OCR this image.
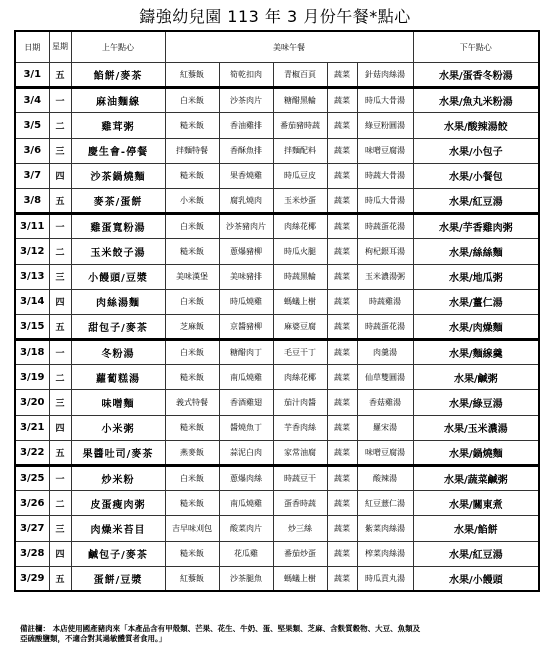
鑄強幼兒園 113 年 3 月份午餐*點心
日期	星期	上午點心	美味午餐					下午點心
3/1	五	餡餅/麥茶	紅藜飯	筍乾扣肉	青椒百頁	蔬菜	針菇肉絲湯	水果/蛋香冬粉湯
3/4	一	麻油麵線	白米飯	沙茶肉片	糖醋黑輪	蔬菜	時瓜大骨湯	水果/魚丸米粉湯
3/5	二	雞茸粥	糙米飯	香油雞排	番茄豬時蔬	蔬菜	綠豆粉圓湯	水果/酸辣湯餃
3/6	三	慶生會-停餐	拌麵特餐	香酥魚排	拌麵配料	蔬菜	味噌豆腐湯	水果/小包子
3/7	四	沙茶鍋燒麵	糙米飯	果香燒雞	時瓜豆皮	蔬菜	時蔬大骨湯	水果/小餐包
3/8	五	麥茶/蛋餅	小米飯	腐乳燒肉	玉米炒蛋	蔬菜	時瓜大骨湯	水果/紅豆湯
3/11	一	雞蛋寬粉湯	白米飯	沙茶豬肉片	肉絲花椰	蔬菜	時蔬蛋花湯	水果/芋香雞肉粥
3/12	二	玉米餃子湯	糙米飯	蔥爆豬柳	時瓜火腿	蔬菜	枸杞銀耳湯	水果/絲絲麵
3/13	三	小饅頭/豆漿	美味漢堡	美味豬排	時蔬黑輪	蔬菜	玉米濃湯粥	水果/地瓜粥
3/14	四	肉絲湯麵	白米飯	時瓜燒雞	螞蟻上樹	蔬菜	時蔬雞湯	水果/薑仁湯
3/15	五	甜包子/麥茶	芝麻飯	京醬豬柳	麻婆豆腐	蔬菜	時蔬蛋花湯	水果/肉燥麵
3/18	一	冬粉湯	白米飯	糖醋肉丁	毛豆干丁	蔬菜	肉羹湯	水果/麵線羹
3/19	二	蘿蔔糕湯	糙米飯	南瓜燒雞	肉絲花椰	蔬菜	仙草雙圓湯	水果/鹹粥
3/20	三	味噌麵	義式特餐	香酒雞翅	茄汁肉醬	蔬菜	香菇雞湯	水果/綠豆湯
3/21	四	小米粥	糙米飯	醬燒魚丁	芋香肉絲	蔬菜	羅宋湯	水果/玉米濃湯
3/22	五	果醬吐司/麥茶	燕麥飯	蒜泥白肉	家常油腐	蔬菜	味噌豆腐湯	水果/鍋燒麵
3/25	一	炒米粉	白米飯	蔥爆肉絲	時蔬豆干	蔬菜	酸辣湯	水果/蔬菜鹹粥
3/26	二	皮蛋瘦肉粥	糙米飯	南瓜燒雞	蛋香時蔬	蔬菜	紅豆薏仁湯	水果/關東煮
3/27	三	肉燥米苔目	吉早味刈包	酸菜肉片	炒三絲	蔬菜	紫菜肉絲湯	水果/餡餅
3/28	四	鹹包子/麥茶	糙米飯	花瓜雞	番茄炒蛋	蔬菜	榨菜肉絲湯	水果/紅豆湯
3/29	五	蛋餅/豆漿	紅藜飯	沙茶腿魚	螞蟻上樹	蔬菜	時瓜貢丸湯	水果/小饅頭
備註欄： 本店使用國產豬肉來「本產品含有甲殼類、芒果、花生、牛奶、蛋、堅果類、芝麻、含麩質穀物、大豆、魚類及
亞硫酸鹽類，不適合對其過敏體質者食用。」
